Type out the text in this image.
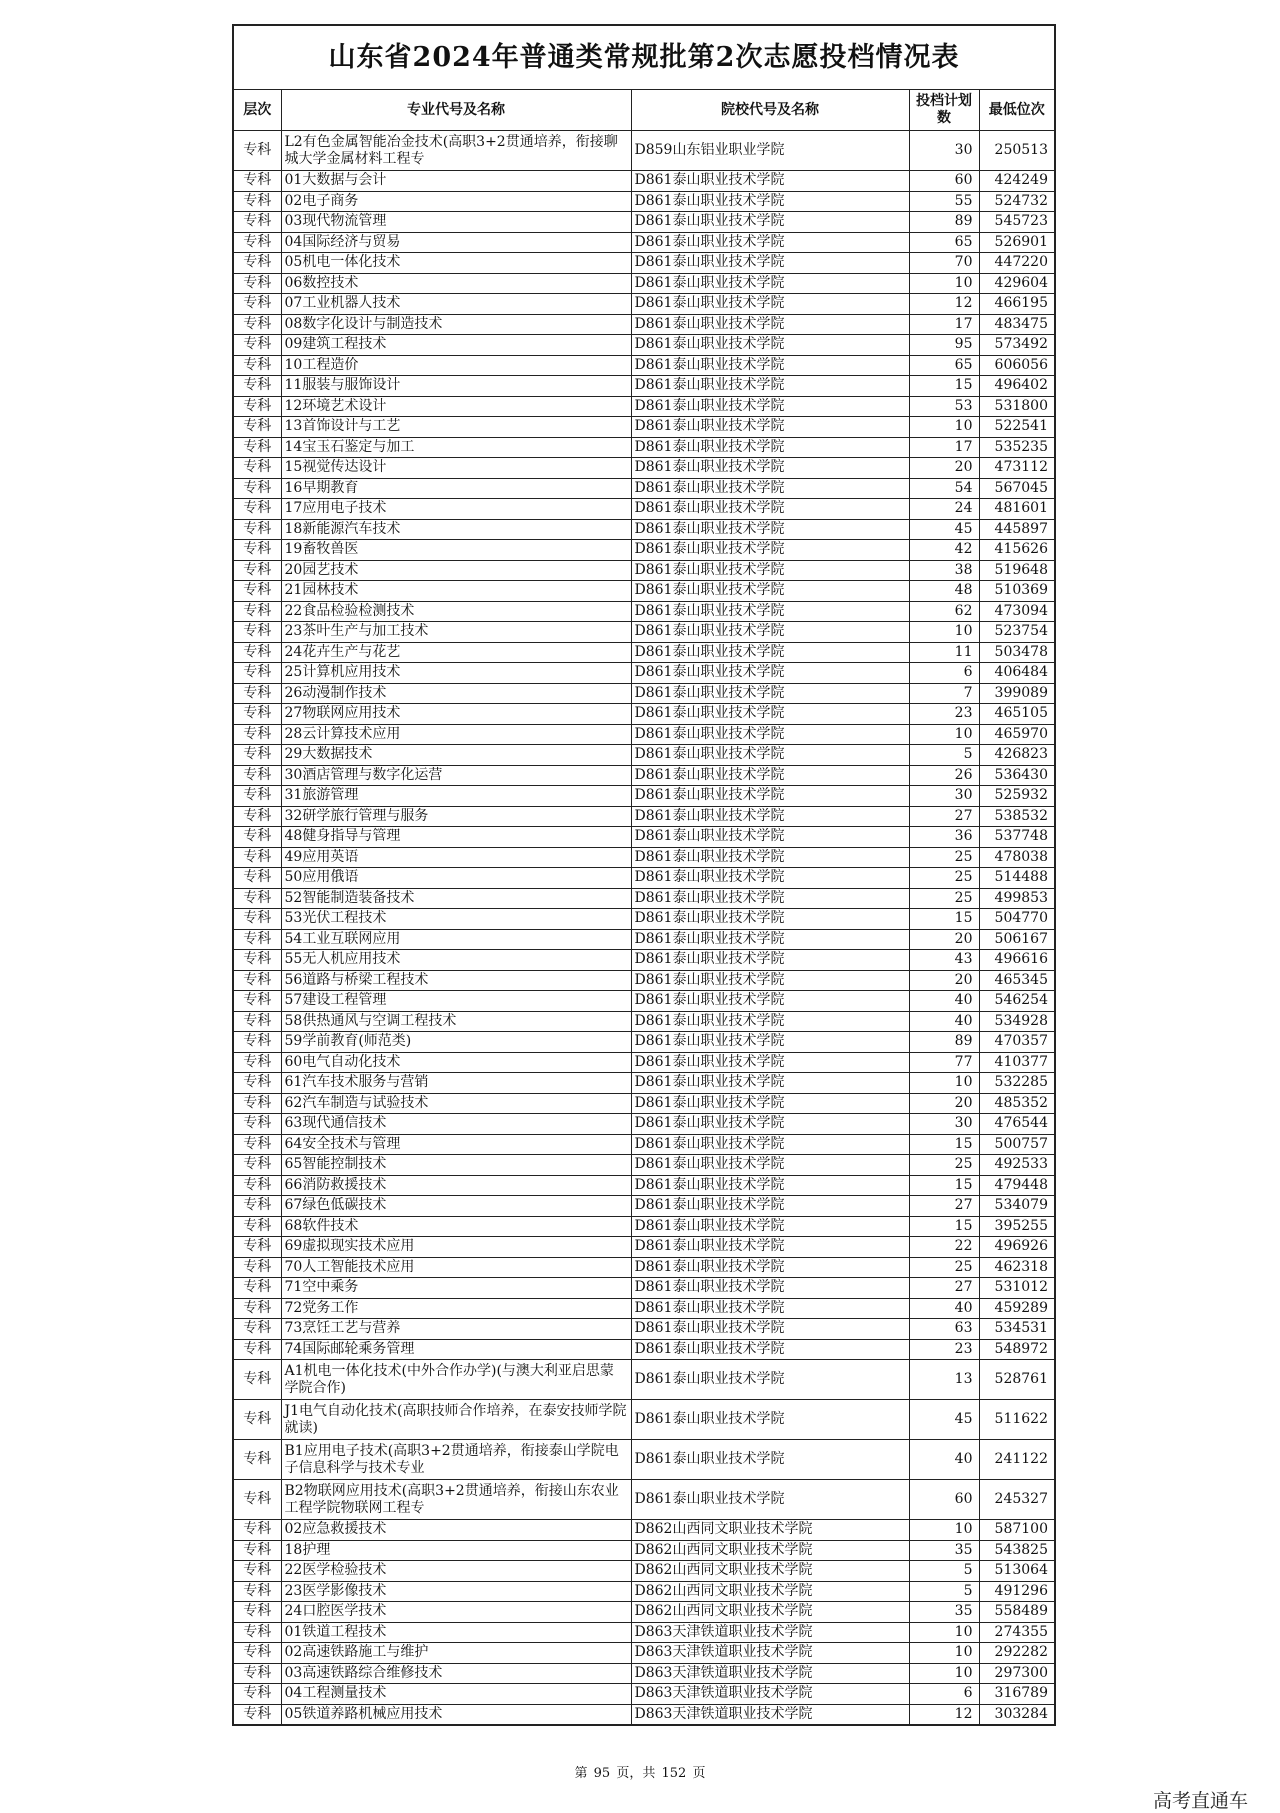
山东省2024年普通类常规批第2次志愿投档情况表
层次	专业代号及名称	院校代号及名称	投档计划数	最低位次
专科	L2有色金属智能冶金技术(高职3+2贯通培养，衔接聊城大学金属材料工程专	D859山东铝业职业学院	30	250513
专科	01大数据与会计	D861泰山职业技术学院	60	424249
专科	02电子商务	D861泰山职业技术学院	55	524732
专科	03现代物流管理	D861泰山职业技术学院	89	545723
专科	04国际经济与贸易	D861泰山职业技术学院	65	526901
专科	05机电一体化技术	D861泰山职业技术学院	70	447220
专科	06数控技术	D861泰山职业技术学院	10	429604
专科	07工业机器人技术	D861泰山职业技术学院	12	466195
专科	08数字化设计与制造技术	D861泰山职业技术学院	17	483475
专科	09建筑工程技术	D861泰山职业技术学院	95	573492
专科	10工程造价	D861泰山职业技术学院	65	606056
专科	11服装与服饰设计	D861泰山职业技术学院	15	496402
专科	12环境艺术设计	D861泰山职业技术学院	53	531800
专科	13首饰设计与工艺	D861泰山职业技术学院	10	522541
专科	14宝玉石鉴定与加工	D861泰山职业技术学院	17	535235
专科	15视觉传达设计	D861泰山职业技术学院	20	473112
专科	16早期教育	D861泰山职业技术学院	54	567045
专科	17应用电子技术	D861泰山职业技术学院	24	481601
专科	18新能源汽车技术	D861泰山职业技术学院	45	445897
专科	19畜牧兽医	D861泰山职业技术学院	42	415626
专科	20园艺技术	D861泰山职业技术学院	38	519648
专科	21园林技术	D861泰山职业技术学院	48	510369
专科	22食品检验检测技术	D861泰山职业技术学院	62	473094
专科	23茶叶生产与加工技术	D861泰山职业技术学院	10	523754
专科	24花卉生产与花艺	D861泰山职业技术学院	11	503478
专科	25计算机应用技术	D861泰山职业技术学院	6	406484
专科	26动漫制作技术	D861泰山职业技术学院	7	399089
专科	27物联网应用技术	D861泰山职业技术学院	23	465105
专科	28云计算技术应用	D861泰山职业技术学院	10	465970
专科	29大数据技术	D861泰山职业技术学院	5	426823
专科	30酒店管理与数字化运营	D861泰山职业技术学院	26	536430
专科	31旅游管理	D861泰山职业技术学院	30	525932
专科	32研学旅行管理与服务	D861泰山职业技术学院	27	538532
专科	48健身指导与管理	D861泰山职业技术学院	36	537748
专科	49应用英语	D861泰山职业技术学院	25	478038
专科	50应用俄语	D861泰山职业技术学院	25	514488
专科	52智能制造装备技术	D861泰山职业技术学院	25	499853
专科	53光伏工程技术	D861泰山职业技术学院	15	504770
专科	54工业互联网应用	D861泰山职业技术学院	20	506167
专科	55无人机应用技术	D861泰山职业技术学院	43	496616
专科	56道路与桥梁工程技术	D861泰山职业技术学院	20	465345
专科	57建设工程管理	D861泰山职业技术学院	40	546254
专科	58供热通风与空调工程技术	D861泰山职业技术学院	40	534928
专科	59学前教育(师范类)	D861泰山职业技术学院	89	470357
专科	60电气自动化技术	D861泰山职业技术学院	77	410377
专科	61汽车技术服务与营销	D861泰山职业技术学院	10	532285
专科	62汽车制造与试验技术	D861泰山职业技术学院	20	485352
专科	63现代通信技术	D861泰山职业技术学院	30	476544
专科	64安全技术与管理	D861泰山职业技术学院	15	500757
专科	65智能控制技术	D861泰山职业技术学院	25	492533
专科	66消防救援技术	D861泰山职业技术学院	15	479448
专科	67绿色低碳技术	D861泰山职业技术学院	27	534079
专科	68软件技术	D861泰山职业技术学院	15	395255
专科	69虚拟现实技术应用	D861泰山职业技术学院	22	496926
专科	70人工智能技术应用	D861泰山职业技术学院	25	462318
专科	71空中乘务	D861泰山职业技术学院	27	531012
专科	72党务工作	D861泰山职业技术学院	40	459289
专科	73烹饪工艺与营养	D861泰山职业技术学院	63	534531
专科	74国际邮轮乘务管理	D861泰山职业技术学院	23	548972
专科	A1机电一体化技术(中外合作办学)(与澳大利亚启思蒙学院合作)	D861泰山职业技术学院	13	528761
专科	J1电气自动化技术(高职技师合作培养，在泰安技师学院就读)	D861泰山职业技术学院	45	511622
专科	B1应用电子技术(高职3+2贯通培养，衔接泰山学院电子信息科学与技术专业	D861泰山职业技术学院	40	241122
专科	B2物联网应用技术(高职3+2贯通培养，衔接山东农业工程学院物联网工程专	D861泰山职业技术学院	60	245327
专科	02应急救援技术	D862山西同文职业技术学院	10	587100
专科	18护理	D862山西同文职业技术学院	35	543825
专科	22医学检验技术	D862山西同文职业技术学院	5	513064
专科	23医学影像技术	D862山西同文职业技术学院	5	491296
专科	24口腔医学技术	D862山西同文职业技术学院	35	558489
专科	01铁道工程技术	D863天津铁道职业技术学院	10	274355
专科	02高速铁路施工与维护	D863天津铁道职业技术学院	10	292282
专科	03高速铁路综合维修技术	D863天津铁道职业技术学院	10	297300
专科	04工程测量技术	D863天津铁道职业技术学院	6	316789
专科	05铁道养路机械应用技术	D863天津铁道职业技术学院	12	303284
第 95 页，共 152 页
高考直通车
